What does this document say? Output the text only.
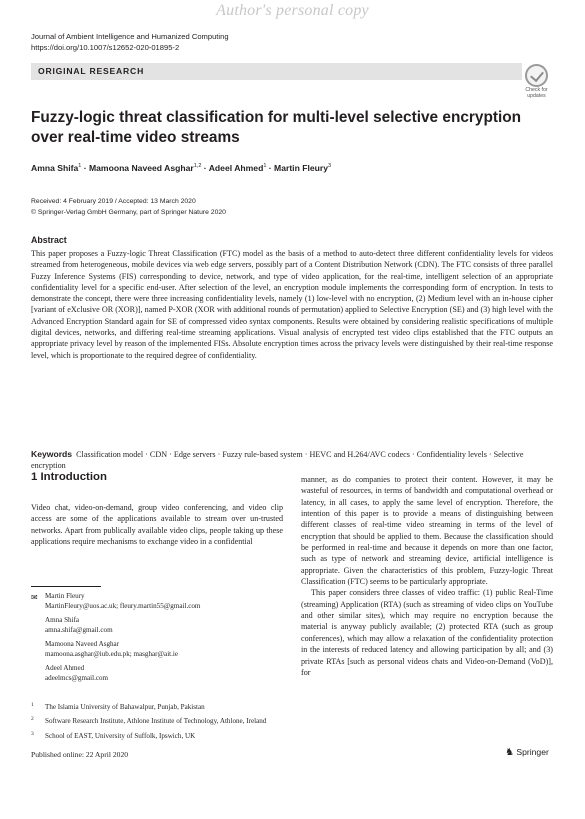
Author's personal copy
Journal of Ambient Intelligence and Humanized Computing
https://doi.org/10.1007/s12652-020-01895-2
ORIGINAL RESEARCH
Check for
updates
Fuzzy-logic threat classification for multi-level selective encryption over real-time video streams
Amna Shifa$^1$ · Mamoona Naveed Asghar$^{1,2}$ · Adeel Ahmed$^1$ · Martin Fleury$^3$
Received: 4 February 2019 / Accepted: 13 March 2020
© Springer-Verlag GmbH Germany, part of Springer Nature 2020
Abstract
This paper proposes a Fuzzy-logic Threat Classification (FTC) model as the basis of a method to auto-detect three different confidentiality levels for videos streamed from heterogeneous, mobile devices via web edge servers, possibly part of a Content Distribution Network (CDN). The FTC consists of three parallel Fuzzy Inference Systems (FIS) corresponding to device, network, and type of video application, for the real-time, intelligent selection of an appropriate confidentiality level for a specific end-user. After selection of the level, an encryption module implements the corresponding form of encryption. In tests to demonstrate the concept, there were three increasing confidentiality levels, namely (1) low-level with no encryption, (2) Medium level with an in-house cipher [variant of eXclusive OR (XOR)], named P-XOR (XOR with additional rounds of permutation) applied to Selective Encryption (SE) and (3) high level with the Advanced Encryption Standard again for SE of compressed video syntax components. Results were obtained by considering realistic specifications of multiple digital devices, networks, and differing real-time streaming applications. Visual analysis of encrypted test video clips established that the FTC outputs an appropriate privacy level by reason of the implemented FISs. Absolute encryption times across the privacy levels were distinguished by their real-time response level, which is proportionate to the required degree of confidentiality.
Keywords Classification model · CDN · Edge servers · Fuzzy rule-based system · HEVC and H.264/AVC codecs · Confidentiality levels · Selective encryption
1 Introduction
Video chat, video-on-demand, group video conferencing, and video clip access are some of the applications available to stream over un-trusted networks. Apart from publically available video clips, people taking up these applications require mechanisms to exchange video in a confidential
✉ Martin Fleury
MartinFleury@uos.ac.uk; fleury.martin55@gmail.com
Amna Shifa
amna.shifa@gmail.com
Mamoona Naveed Asghar
mamoona.asghar@iub.edu.pk; masghar@ait.ie
Adeel Ahmed
adeelmcs@gmail.com
1 The Islamia University of Bahawalpur, Punjab, Pakistan
2 Software Research Institute, Athlone Institute of Technology, Athlone, Ireland
3 School of EAST, University of Suffolk, Ipswich, UK

manner, as do companies to protect their content. However, it may be wasteful of resources, in terms of bandwidth and computational overhead or latency, in all cases, to apply the same level of encryption. Therefore, the intention of this paper is to provide a means of distinguishing between different classes of real-time video streaming in terms of the level of encryption that should be applied to them. Because the classification should be performed in real-time and because it depends on more than one factor, such as type of network and streaming device, artificial intelligence is appropriate. Given the characteristics of this problem, Fuzzy-logic Threat Classification (FTC) seems to be particularly appropriate.

This paper considers three classes of video traffic: (1) public Real-Time (streaming) Application (RTA) (such as streaming of video clips on YouTube and other similar sites), which may require no encryption because the material is anyway publicly available; (2) protected RTA (such as group conferences), which may allow a relaxation of the confidentiality protection in the interests of reduced latency and allowing participation by all; and (3) private RTAs [such as personal videos chats and Video-on-Demand (VoD)], for

Published online: 22 April 2020	♞ Springer
